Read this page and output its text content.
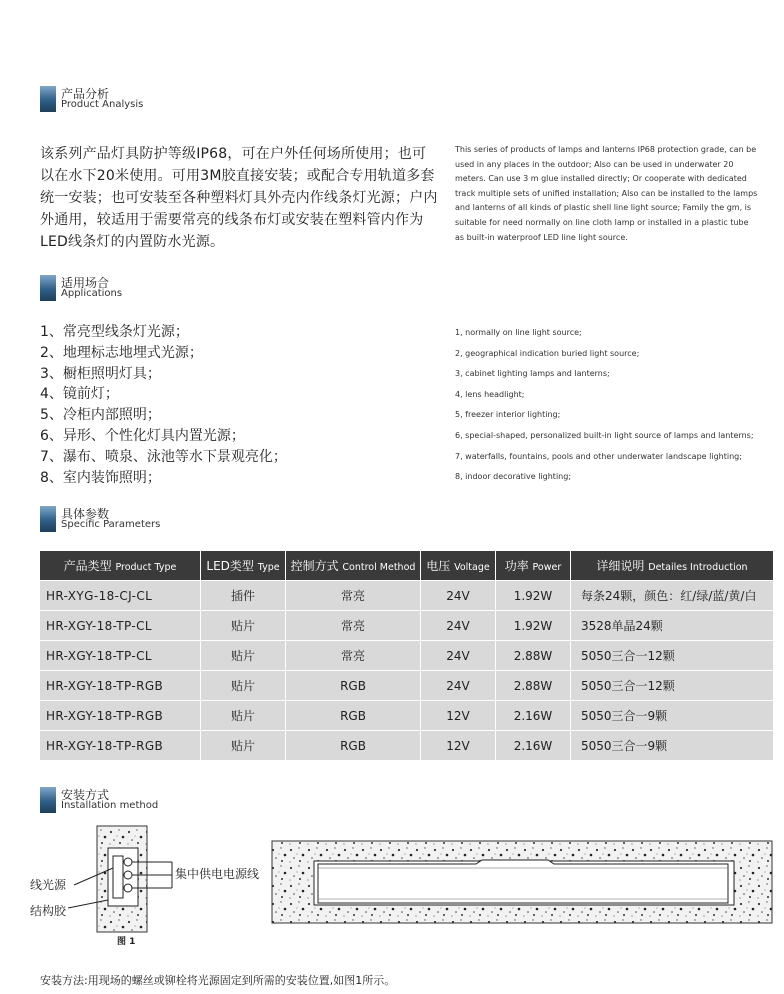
产品分析
Product Analysis
该系列产品灯具防护等级IP68，可在户外任何场所使用；也可以在水下20米使用。可用3M胶直接安装；或配合专用轨道多套统一安装；也可安装至各种塑料灯具外壳内作线条灯光源；户内外通用，较适用于需要常亮的线条布灯或安装在塑料管内作为LED线条灯的内置防水光源。
This series of products of lamps and lanterns IP68 protection grade, can be used in any places in the outdoor; Also can be used in underwater 20 meters. Can use 3 m glue installed directly; Or cooperate with dedicated track multiple sets of unified installation; Also can be installed to the lamps and lanterns of all kinds of plastic shell line light source; Family the gm, is suitable for need normally on line cloth lamp or installed in a plastic tube as built-in waterproof LED line light source.
适用场合
Applications
1、常亮型线条灯光源；
2、地理标志地埋式光源；
3、橱柜照明灯具；
4、镜前灯；
5、冷柜内部照明；
6、异形、个性化灯具内置光源；
7、瀑布、喷泉、泳池等水下景观亮化；
8、室内装饰照明；
1, normally on line light source;
2, geographical indication buried light source;
3, cabinet lighting lamps and lanterns;
4, lens headlight;
5, freezer interior lighting;
6, special-shaped, personalized built-in light source of lamps and lanterns;
7, waterfalls, fountains, pools and other underwater landscape lighting;
8, indoor decorative lighting;
具体参数
Specific Parameters
产品类型 Product Type	LED类型 Type	控制方式 Control Method	电压 Voltage	功率 Power	详细说明 Detailes Introduction
HR-XYG-18-CJ-CL	插件	常亮	24V	1.92W	每条24颗，颜色：红/绿/蓝/黄/白
HR-XGY-18-TP-CL	贴片	常亮	24V	1.92W	3528单晶24颗
HR-XGY-18-TP-CL	贴片	常亮	24V	2.88W	5050三合一12颗
HR-XGY-18-TP-RGB	贴片	RGB	24V	2.88W	5050三合一12颗
HR-XGY-18-TP-RGB	贴片	RGB	12V	2.16W	5050三合一9颗
HR-XGY-18-TP-RGB	贴片	RGB	12V	2.16W	5050三合一9颗
安装方式
Installation method
线光源
结构胶
集中供电电源线
图 1
安装方法:用现场的螺丝或铆栓将光源固定到所需的安装位置,如图1所示。
